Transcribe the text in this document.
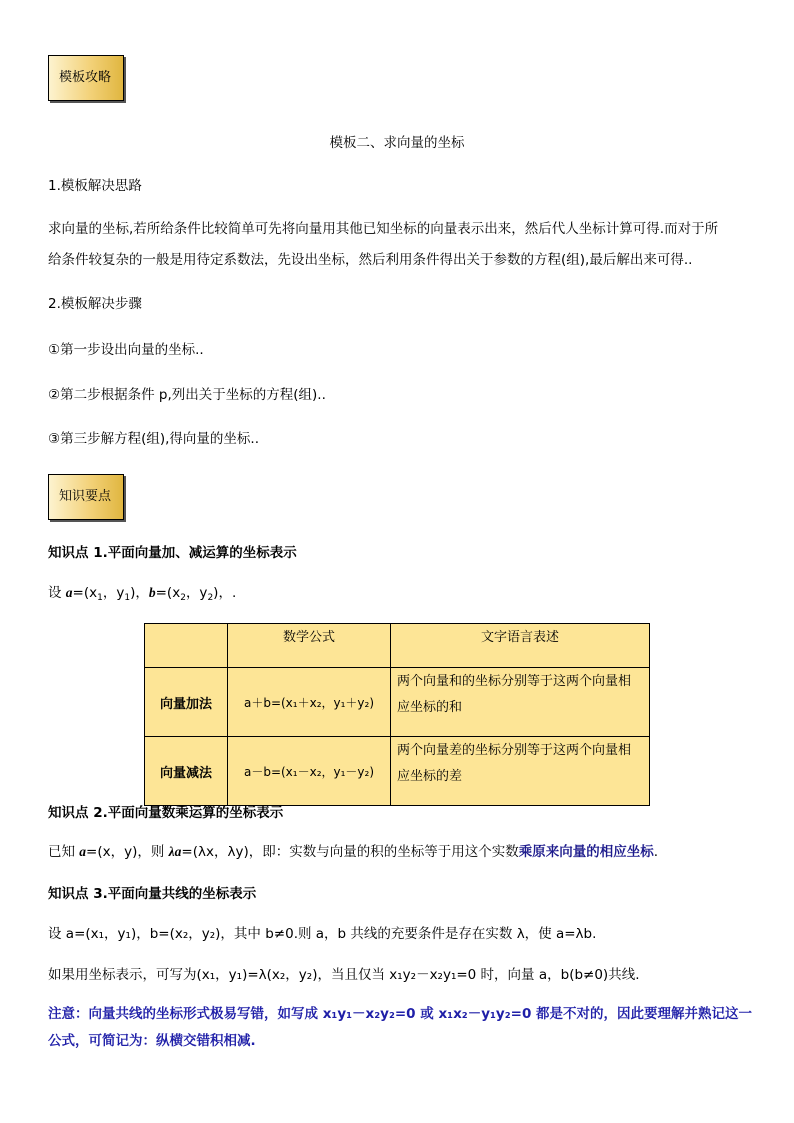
模板攻略
模板二、求向量的坐标
1.模板解决思路
求向量的坐标,若所给条件比较简单可先将向量用其他已知坐标的向量表示出来，然后代人坐标计算可得.而对于所
给条件较复杂的一般是用待定系数法，先设出坐标，然后利用条件得出关于参数的方程(组),最后解出来可得..
2.模板解决步骤
①第一步设出向量的坐标..
②第二步根据条件 p,列出关于坐标的方程(组)..
③第三步解方程(组),得向量的坐标..
知识要点
知识点 1.平面向量加、减运算的坐标表示
设 $a=(x_1$，$y_1$)，$b=(x_2$，$y_2$)，.
	数学公式	文字语言表述
向量加法	a＋b=(x₁＋x₂，y₁＋y₂)	两个向量和的坐标分别等于这两个向量相应坐标的和
向量减法	a－b=(x₁－x₂，y₁－y₂)	两个向量差的坐标分别等于这两个向量相应坐标的差
知识点 2.平面向量数乘运算的坐标表示
已知 a=(x，y)，则 λa=(λx，λy)，即：实数与向量的积的坐标等于用这个实数乘原来向量的相应坐标.
知识点 3.平面向量共线的坐标表示
设 a=(x₁，y₁)，b=(x₂，y₂)，其中 b≠0.则 a，b 共线的充要条件是存在实数 λ，使 a=λb.
如果用坐标表示，可写为(x₁，y₁)=λ(x₂，y₂)，当且仅当 x₁y₂－x₂y₁=0 时，向量 a，b(b≠0)共线.
注意：向量共线的坐标形式极易写错，如写成 x₁y₁－x₂y₂=0 或 x₁x₂－y₁y₂=0 都是不对的，因此要理解并熟记这一
公式，可简记为：纵横交错积相减.
